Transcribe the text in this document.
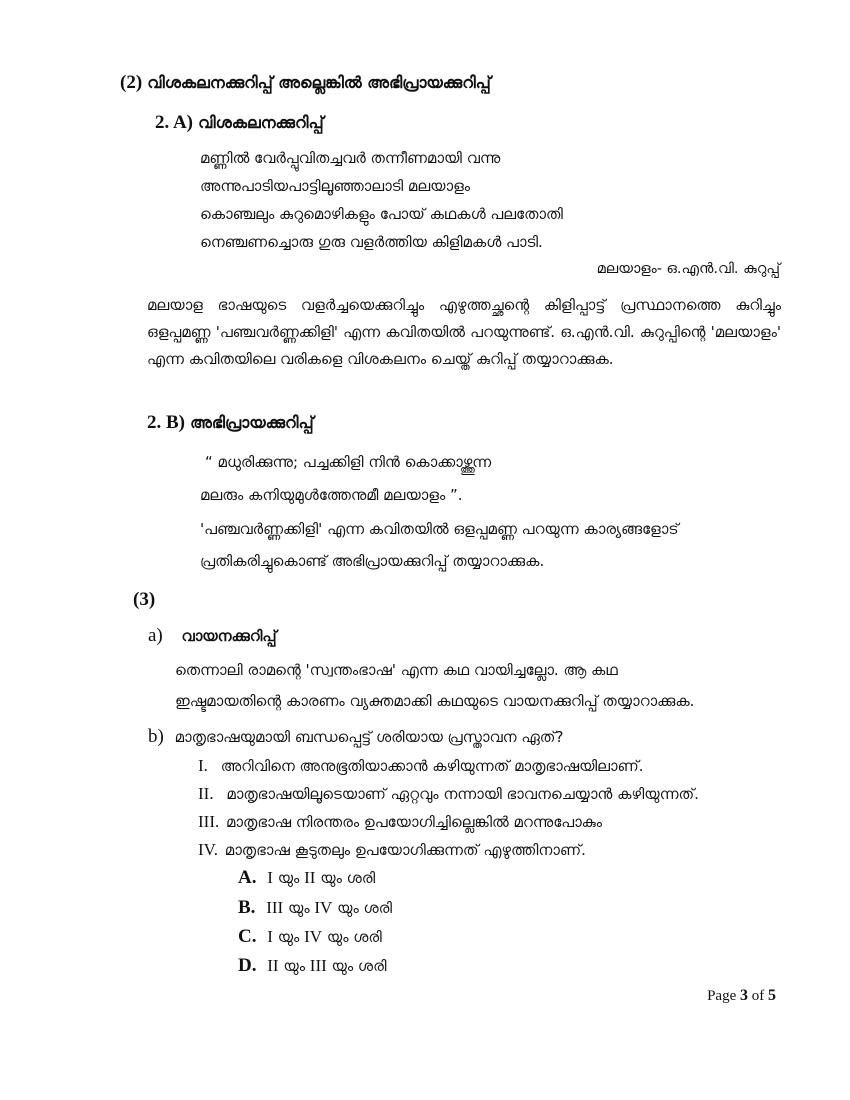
(2) വിശകലനക്കുറിപ്പ് അല്ലെങ്കിൽ അഭിപ്രായക്കുറിപ്പ്
2. A) വിശകലനക്കുറിപ്പ്
മണ്ണിൽ വേർപ്പുവിതച്ചവർ തന്നീണമായി വന്നു
അന്നുപാടിയപാട്ടിലൂഞ്ഞാലാടി മലയാളം
കൊഞ്ചലും കുറുമൊഴികളും പോയ് കഥകൾ പലതോതി
നെഞ്ചണച്ചൊരു ഗുരു വളർത്തിയ കിളിമകൾ പാടി.
മലയാളം- ഒ.എൻ.വി. കുറുപ്പ്
മലയാള ഭാഷയുടെ വളർച്ചയെക്കുറിച്ചും എഴുത്തച്ഛന്റെ കിളിപ്പാട്ട് പ്രസ്ഥാനത്തെ കുറിച്ചും ഒളപ്പമണ്ണ 'പഞ്ചവർണ്ണക്കിളി' എന്ന കവിതയിൽ പറയുന്നുണ്ട്. ഒ.എൻ.വി. കുറുപ്പിന്റെ 'മലയാളം' എന്ന കവിതയിലെ വരികളെ വിശകലനം ചെയ്ത് കുറിപ്പ് തയ്യാറാക്കുക.
2. B) അഭിപ്രായക്കുറിപ്പ്
“ മധുരിക്കുന്നു; പച്ചക്കിളി നിൻ കൊക്കാഴ്ത്തുന്ന
മലരും കനിയുമുൾത്തേനുമീ മലയാളം ”.
'പഞ്ചവർണ്ണക്കിളി' എന്ന കവിതയിൽ ഒളപ്പമണ്ണ പറയുന്ന കാര്യങ്ങളോട്
പ്രതികരിച്ചുകൊണ്ട് അഭിപ്രായക്കുറിപ്പ് തയ്യാറാക്കുക.
(3)
a) വായനക്കുറിപ്പ്
തെന്നാലി രാമന്റെ 'സ്വന്തംഭാഷ' എന്ന കഥ വായിച്ചല്ലോ. ആ കഥ
ഇഷ്ടമായതിന്റെ കാരണം വ്യക്തമാക്കി കഥയുടെ വായനക്കുറിപ്പ് തയ്യാറാക്കുക.
b) മാതൃഭാഷയുമായി ബന്ധപ്പെട്ട് ശരിയായ പ്രസ്താവന ഏത്?
I. അറിവിനെ അനുഭൂതിയാക്കാൻ കഴിയുന്നത് മാതൃഭാഷയിലാണ്.
II. മാതൃഭാഷയിലൂടെയാണ് ഏറ്റവും നന്നായി ഭാവനചെയ്യാൻ കഴിയുന്നത്.
III. മാതൃഭാഷ നിരന്തരം ഉപയോഗിച്ചില്ലെങ്കിൽ മറന്നുപോകും
IV. മാതൃഭാഷ കൂടുതലും ഉപയോഗിക്കുന്നത് എഴുത്തിനാണ്.
A. I യും II യും ശരി
B. III യും IV യും ശരി
C. I യും IV യും ശരി
D. II യും III യും ശരി
Page 3 of 5
